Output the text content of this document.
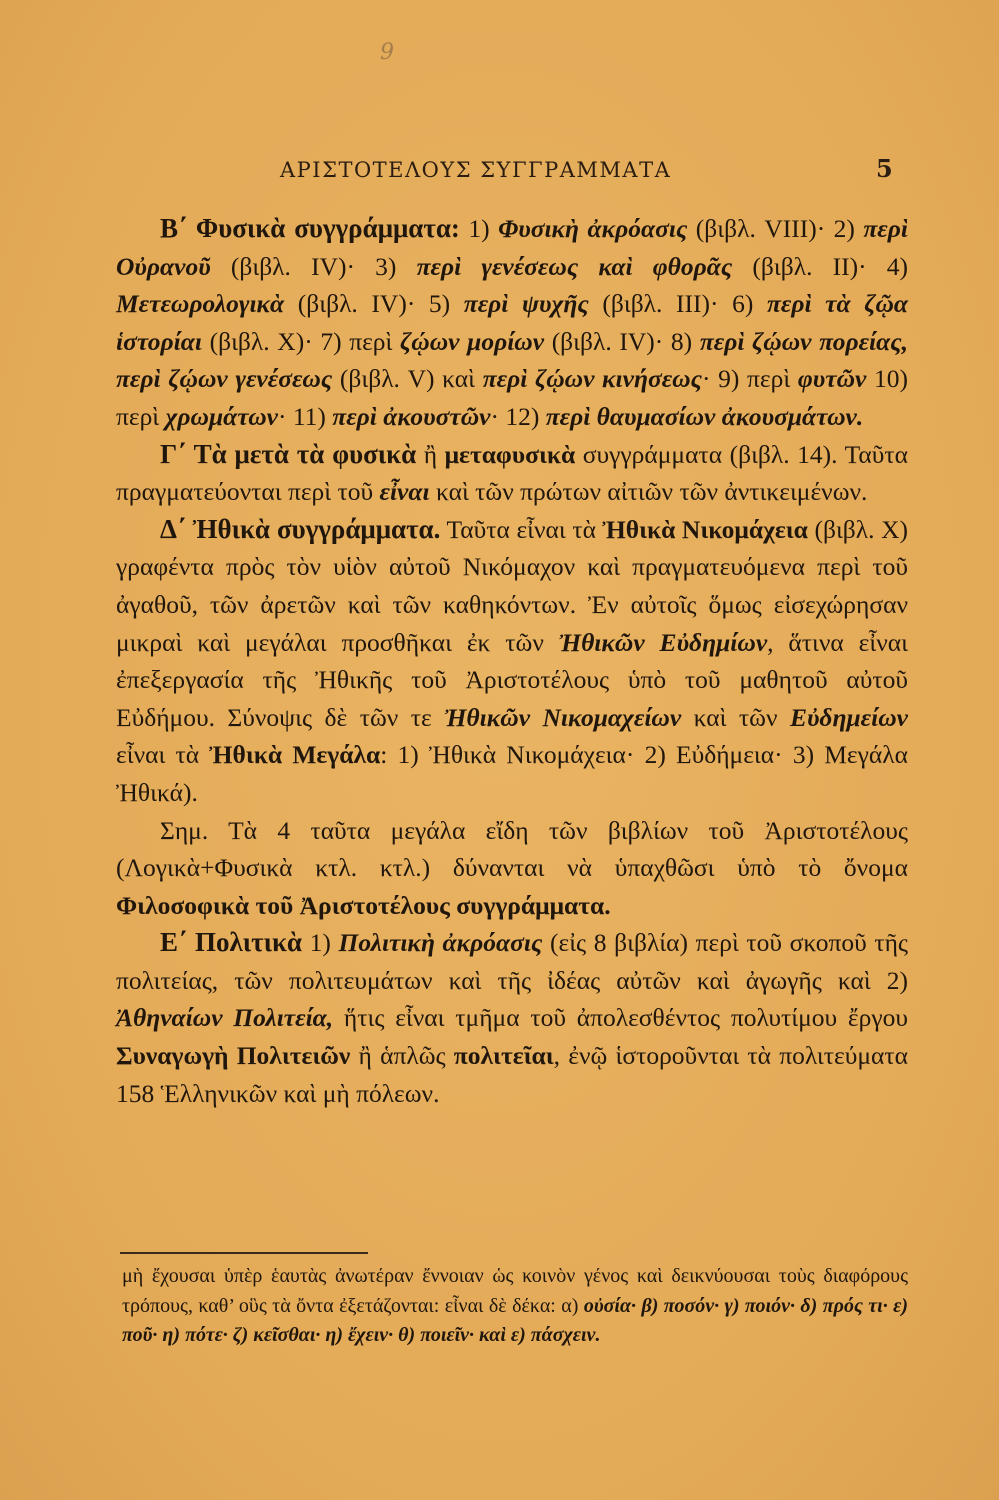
9
ΑΡΙΣΤΟΤΕΛΟΥΣ ΣΥΓΓΡΑΜΜΑΤΑ	5

Β΄ Φυσικὰ συγγράμματα: 1) Φυσικὴ ἀκρόασις (βιβλ. VIII)· 2) περὶ Οὐρανοῦ (βιβλ. IV)· 3) περὶ γενέσεως καὶ φθορᾶς (βιβλ. II)· 4) Μετεωρολογικὰ (βιβλ. IV)· 5) περὶ ψυχῆς (βιβλ. III)· 6) περὶ τὰ ζῷα ἱστορίαι (βιβλ. X)· 7) περὶ ζῴων μορίων (βιβλ. IV)· 8) περὶ ζῴων πορείας, περὶ ζῴων γενέσεως (βιβλ. V) καὶ περὶ ζῴων κινήσεως· 9) περὶ φυτῶν 10) περὶ χρωμάτων· 11) περὶ ἀκουστῶν· 12) περὶ θαυμασίων ἀκουσμάτων.

Γ΄ Τὰ μετὰ τὰ φυσικὰ ἢ μεταφυσικὰ συγγράμματα (βιβλ. 14). Ταῦτα πραγματεύονται περὶ τοῦ εἶναι καὶ τῶν πρώτων αἰτιῶν τῶν ἀντικειμένων.

Δ΄ Ἠθικὰ συγγράμματα. Ταῦτα εἶναι τὰ Ἠθικὰ Νικομάχεια (βιβλ. X) γραφέντα πρὸς τὸν υἱὸν αὐτοῦ Νικόμαχον καὶ πραγματευόμενα περὶ τοῦ ἀγαθοῦ, τῶν ἀρετῶν καὶ τῶν καθηκόντων. Ἐν αὐτοῖς ὅμως εἰσεχώρησαν μικραὶ καὶ μεγάλαι προσθῆκαι ἐκ τῶν Ἠθικῶν Εὐδημίων, ἅτινα εἶναι ἐπεξεργασία τῆς Ἠθικῆς τοῦ Ἀριστοτέλους ὑπὸ τοῦ μαθητοῦ αὐτοῦ Εὐδήμου. Σύνοψις δὲ τῶν τε Ἠθικῶν Νικομαχείων καὶ τῶν Εὐδημείων εἶναι τὰ Ἠθικὰ Μεγάλα: 1) Ἠθικὰ Νικομάχεια· 2) Εὐδήμεια· 3) Μεγάλα Ἠθικά).

Σημ. Τὰ 4 ταῦτα μεγάλα εἴδη τῶν βιβλίων τοῦ Ἀριστοτέλους (Λογικὰ+Φυσικὰ κτλ. κτλ.) δύνανται νὰ ὑπαχθῶσι ὑπὸ τὸ ὄνομα Φιλοσοφικὰ τοῦ Ἀριστοτέλους συγγράμματα.

Ε΄ Πολιτικὰ 1) Πολιτικὴ ἀκρόασις (εἰς 8 βιβλία) περὶ τοῦ σκοποῦ τῆς πολιτείας, τῶν πολιτευμάτων καὶ τῆς ἰδέας αὐτῶν καὶ ἀγωγῆς καὶ 2) Ἀθηναίων Πολιτεία, ἥτις εἶναι τμῆμα τοῦ ἀπολεσθέντος πολυτίμου ἔργου Συναγωγὴ Πολιτειῶν ἢ ἁπλῶς πολιτεῖαι, ἐνῷ ἱστοροῦνται τὰ πολιτεύματα 158 Ἑλληνικῶν καὶ μὴ πόλεων.

μὴ ἔχουσαι ὑπὲρ ἑαυτὰς ἀνωτέραν ἔννοιαν ὡς κοινὸν γένος καὶ δεικνύουσαι τοὺς διαφόρους τρόπους, καθ’ οὓς τὰ ὄντα ἐξετάζονται: εἶναι δὲ δέκα: α) οὐσία· β) ποσόν· γ) ποιόν· δ) πρός τι· ε) ποῦ· η) πότε· ζ) κεῖσθαι· η) ἔχειν· θ) ποιεῖν· καὶ ε) πάσχειν.
